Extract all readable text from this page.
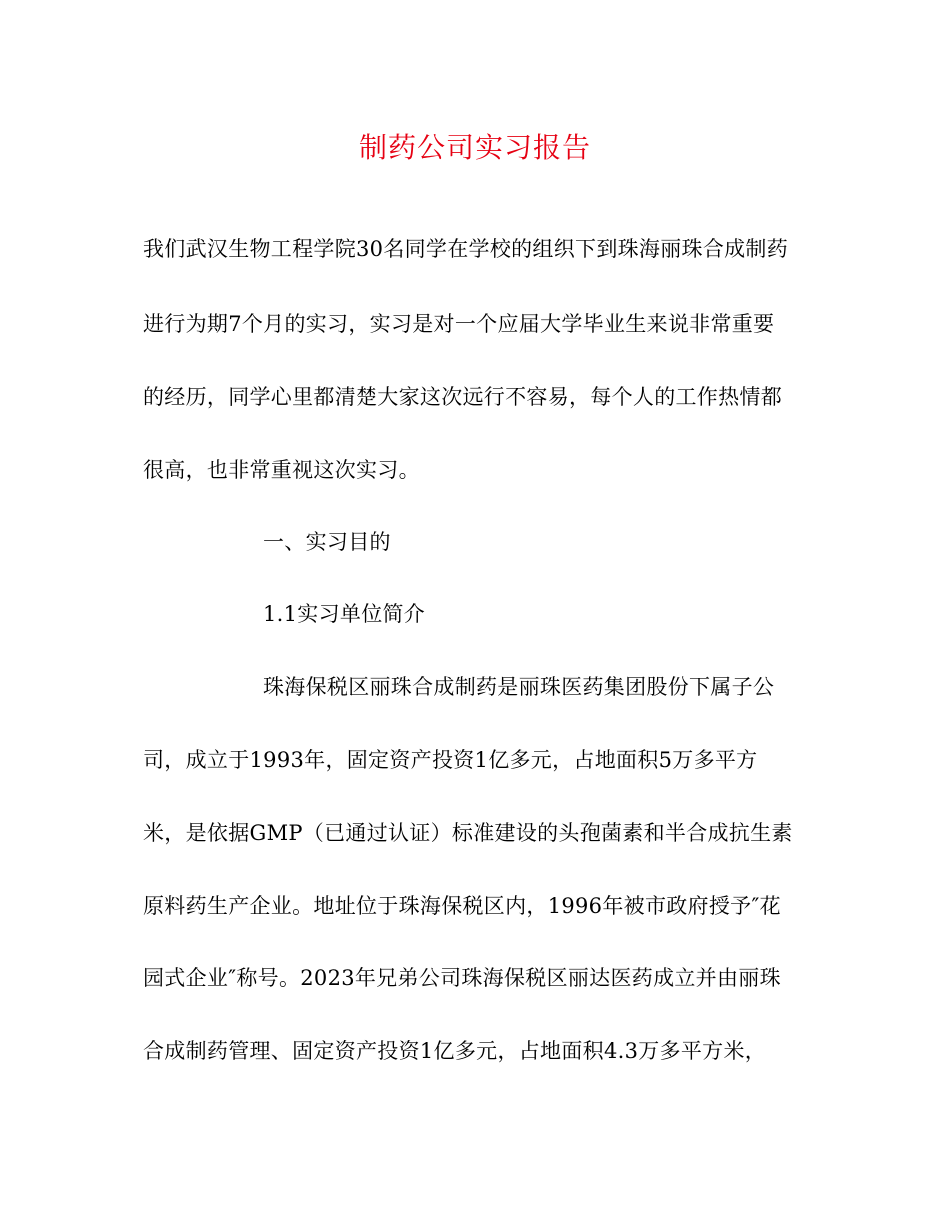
制药公司实习报告
我们武汉生物工程学院30名同学在学校的组织下到珠海丽珠合成制药
进行为期7个月的实习，实习是对一个应届大学毕业生来说非常重要
的经历，同学心里都清楚大家这次远行不容易，每个人的工作热情都
很高，也非常重视这次实习。
一、实习目的
1.1实习单位简介
珠海保税区丽珠合成制药是丽珠医药集团股份下属子公
司，成立于1993年，固定资产投资1亿多元，占地面积5万多平方
米，是依据GMP（已通过认证）标准建设的头孢菌素和半合成抗生素
原料药生产企业。地址位于珠海保税区内，1996年被市政府授予″花
园式企业″称号。2023年兄弟公司珠海保税区丽达医药成立并由丽珠
合成制药管理、固定资产投资1亿多元，占地面积4.3万多平方米，
